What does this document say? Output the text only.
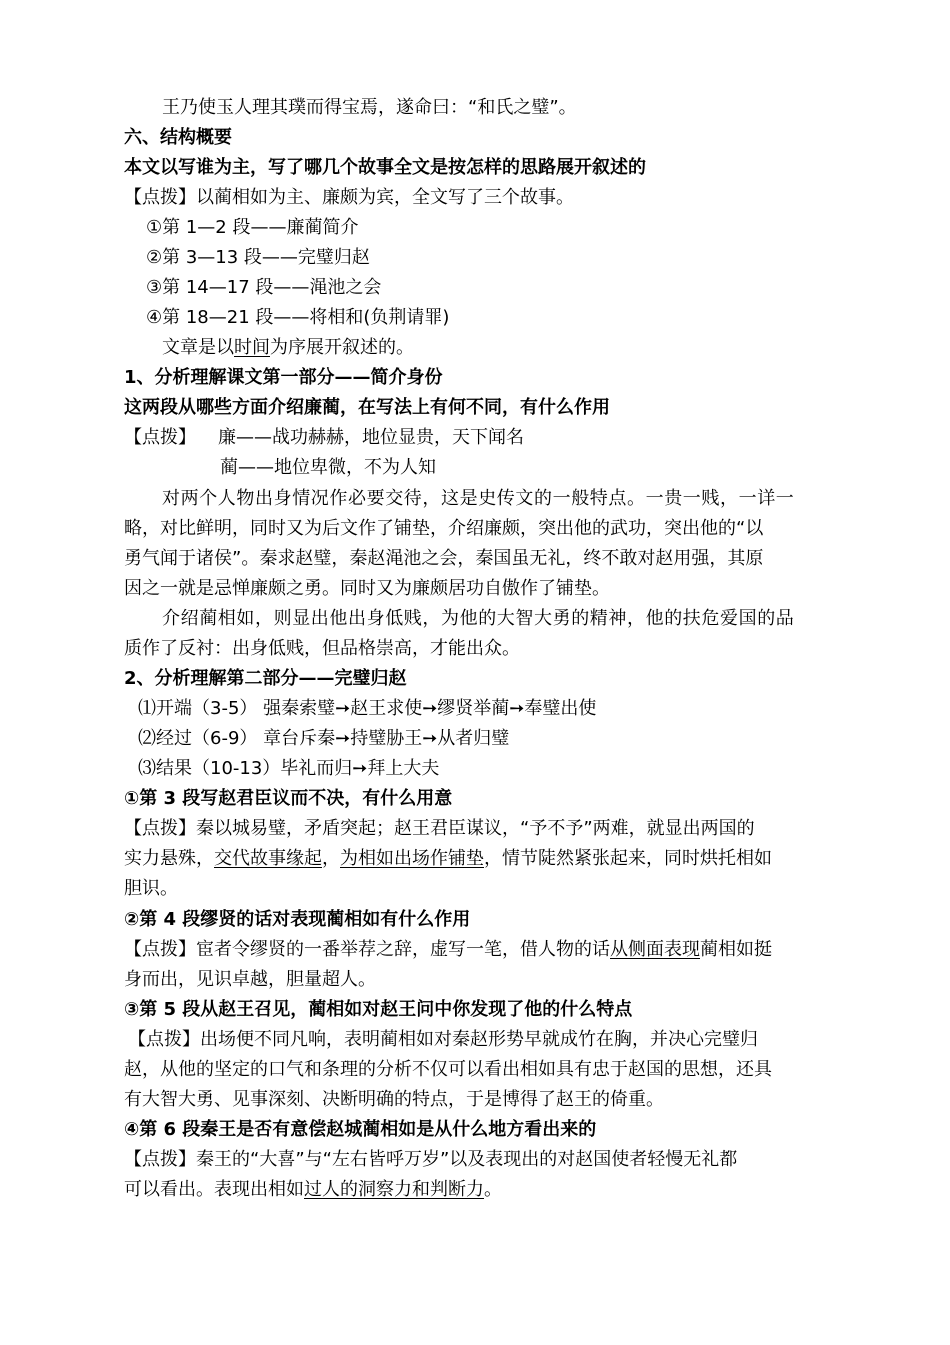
王乃使玉人理其璞而得宝焉，遂命曰：“和氏之璧”。
六、结构概要
本文以写谁为主，写了哪几个故事全文是按怎样的思路展开叙述的
【点拨】以蔺相如为主、廉颇为宾，全文写了三个故事。
①第 1—2 段——廉蔺简介
②第 3—13 段——完璧归赵
③第 14—17 段——渑池之会
④第 18—21 段——将相和(负荆请罪)
文章是以时间为序展开叙述的。
1、分析理解课文第一部分——简介身份
这两段从哪些方面介绍廉蔺，在写法上有何不同，有什么作用
【点拨】 廉——战功赫赫，地位显贵，天下闻名
蔺——地位卑微，不为人知
对两个人物出身情况作必要交待，这是史传文的一般特点。一贵一贱，一详一
略，对比鲜明，同时又为后文作了铺垫，介绍廉颇，突出他的武功，突出他的“以
勇气闻于诸侯”。秦求赵璧，秦赵渑池之会，秦国虽无礼，终不敢对赵用强，其原
因之一就是忌惮廉颇之勇。同时又为廉颇居功自傲作了铺垫。
介绍蔺相如，则显出他出身低贱，为他的大智大勇的精神，他的扶危爱国的品
质作了反衬：出身低贱，但品格崇高，才能出众。
2、分析理解第二部分——完璧归赵
⑴开端（3-5） 强秦索璧➙赵王求使➙缪贤举蔺➙奉璧出使
⑵经过（6-9） 章台斥秦➙持璧胁王➙从者归璧
⑶结果（10-13）毕礼而归➙拜上大夫
①第 3 段写赵君臣议而不决，有什么用意
【点拨】秦以城易璧，矛盾突起；赵王君臣谋议，“予不予”两难，就显出两国的
实力悬殊，交代故事缘起，为相如出场作铺垫，情节陡然紧张起来，同时烘托相如
胆识。
②第 4 段缪贤的话对表现蔺相如有什么作用
【点拨】宦者令缪贤的一番举荐之辞，虚写一笔，借人物的话从侧面表现蔺相如挺
身而出，见识卓越，胆量超人。
③第 5 段从赵王召见，蔺相如对赵王问中你发现了他的什么特点
【点拨】出场便不同凡响，表明蔺相如对秦赵形势早就成竹在胸，并决心完璧归
赵，从他的坚定的口气和条理的分析不仅可以看出相如具有忠于赵国的思想，还具
有大智大勇、见事深刻、决断明确的特点，于是博得了赵王的倚重。
④第 6 段秦王是否有意偿赵城蔺相如是从什么地方看出来的
【点拨】秦王的“大喜”与“左右皆呼万岁”以及表现出的对赵国使者轻慢无礼都
可以看出。表现出相如过人的洞察力和判断力。
